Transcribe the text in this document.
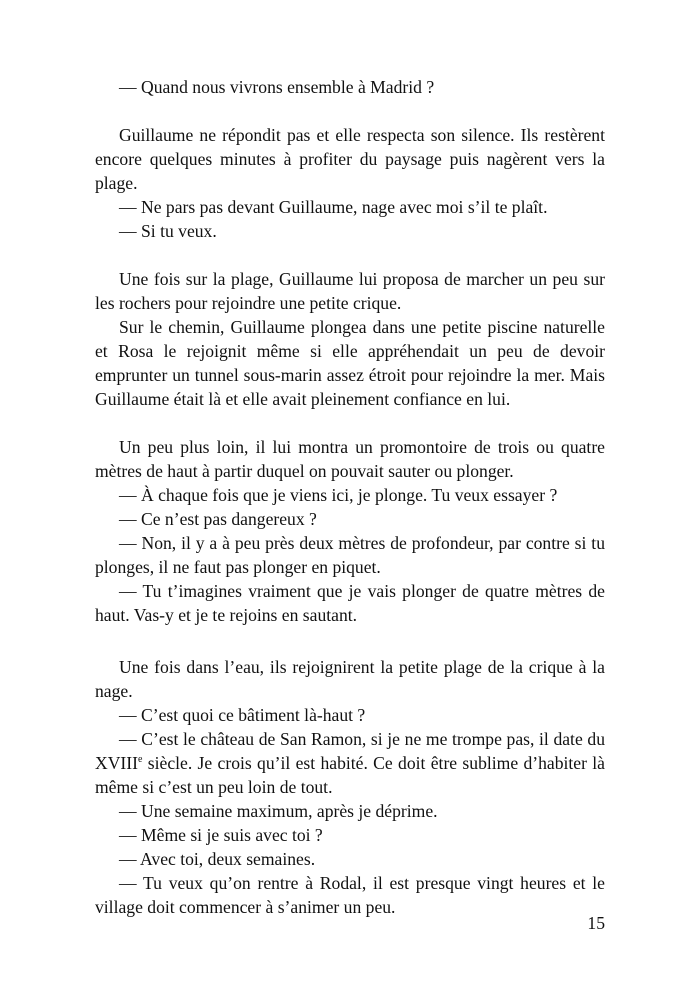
— Quand nous vivrons ensemble à Madrid ?

Guillaume ne répondit pas et elle respecta son silence. Ils restèrent encore quelques minutes à profiter du paysage puis nagèrent vers la plage.

— Ne pars pas devant Guillaume, nage avec moi s’il te plaît.

— Si tu veux.

Une fois sur la plage, Guillaume lui proposa de marcher un peu sur les rochers pour rejoindre une petite crique.

Sur le chemin, Guillaume plongea dans une petite piscine naturelle et Rosa le rejoignit même si elle appréhendait un peu de devoir emprunter un tunnel sous-marin assez étroit pour rejoindre la mer. Mais Guillaume était là et elle avait pleinement confiance en lui.

Un peu plus loin, il lui montra un promontoire de trois ou quatre mètres de haut à partir duquel on pouvait sauter ou plonger.

— À chaque fois que je viens ici, je plonge. Tu veux essayer ?

— Ce n’est pas dangereux ?

— Non, il y a à peu près deux mètres de profondeur, par contre si tu plonges, il ne faut pas plonger en piquet.

— Tu t’imagines vraiment que je vais plonger de quatre mètres de haut. Vas-y et je te rejoins en sautant.

Une fois dans l’eau, ils rejoignirent la petite plage de la crique à la nage.

— C’est quoi ce bâtiment là-haut ?

— C’est le château de San Ramon, si je ne me trompe pas, il date du XVIIIe siècle. Je crois qu’il est habité. Ce doit être sublime d’habiter là même si c’est un peu loin de tout.

— Une semaine maximum, après je déprime.

— Même si je suis avec toi ?

— Avec toi, deux semaines.

— Tu veux qu’on rentre à Rodal, il est presque vingt heures et le village doit commencer à s’animer un peu.

15
